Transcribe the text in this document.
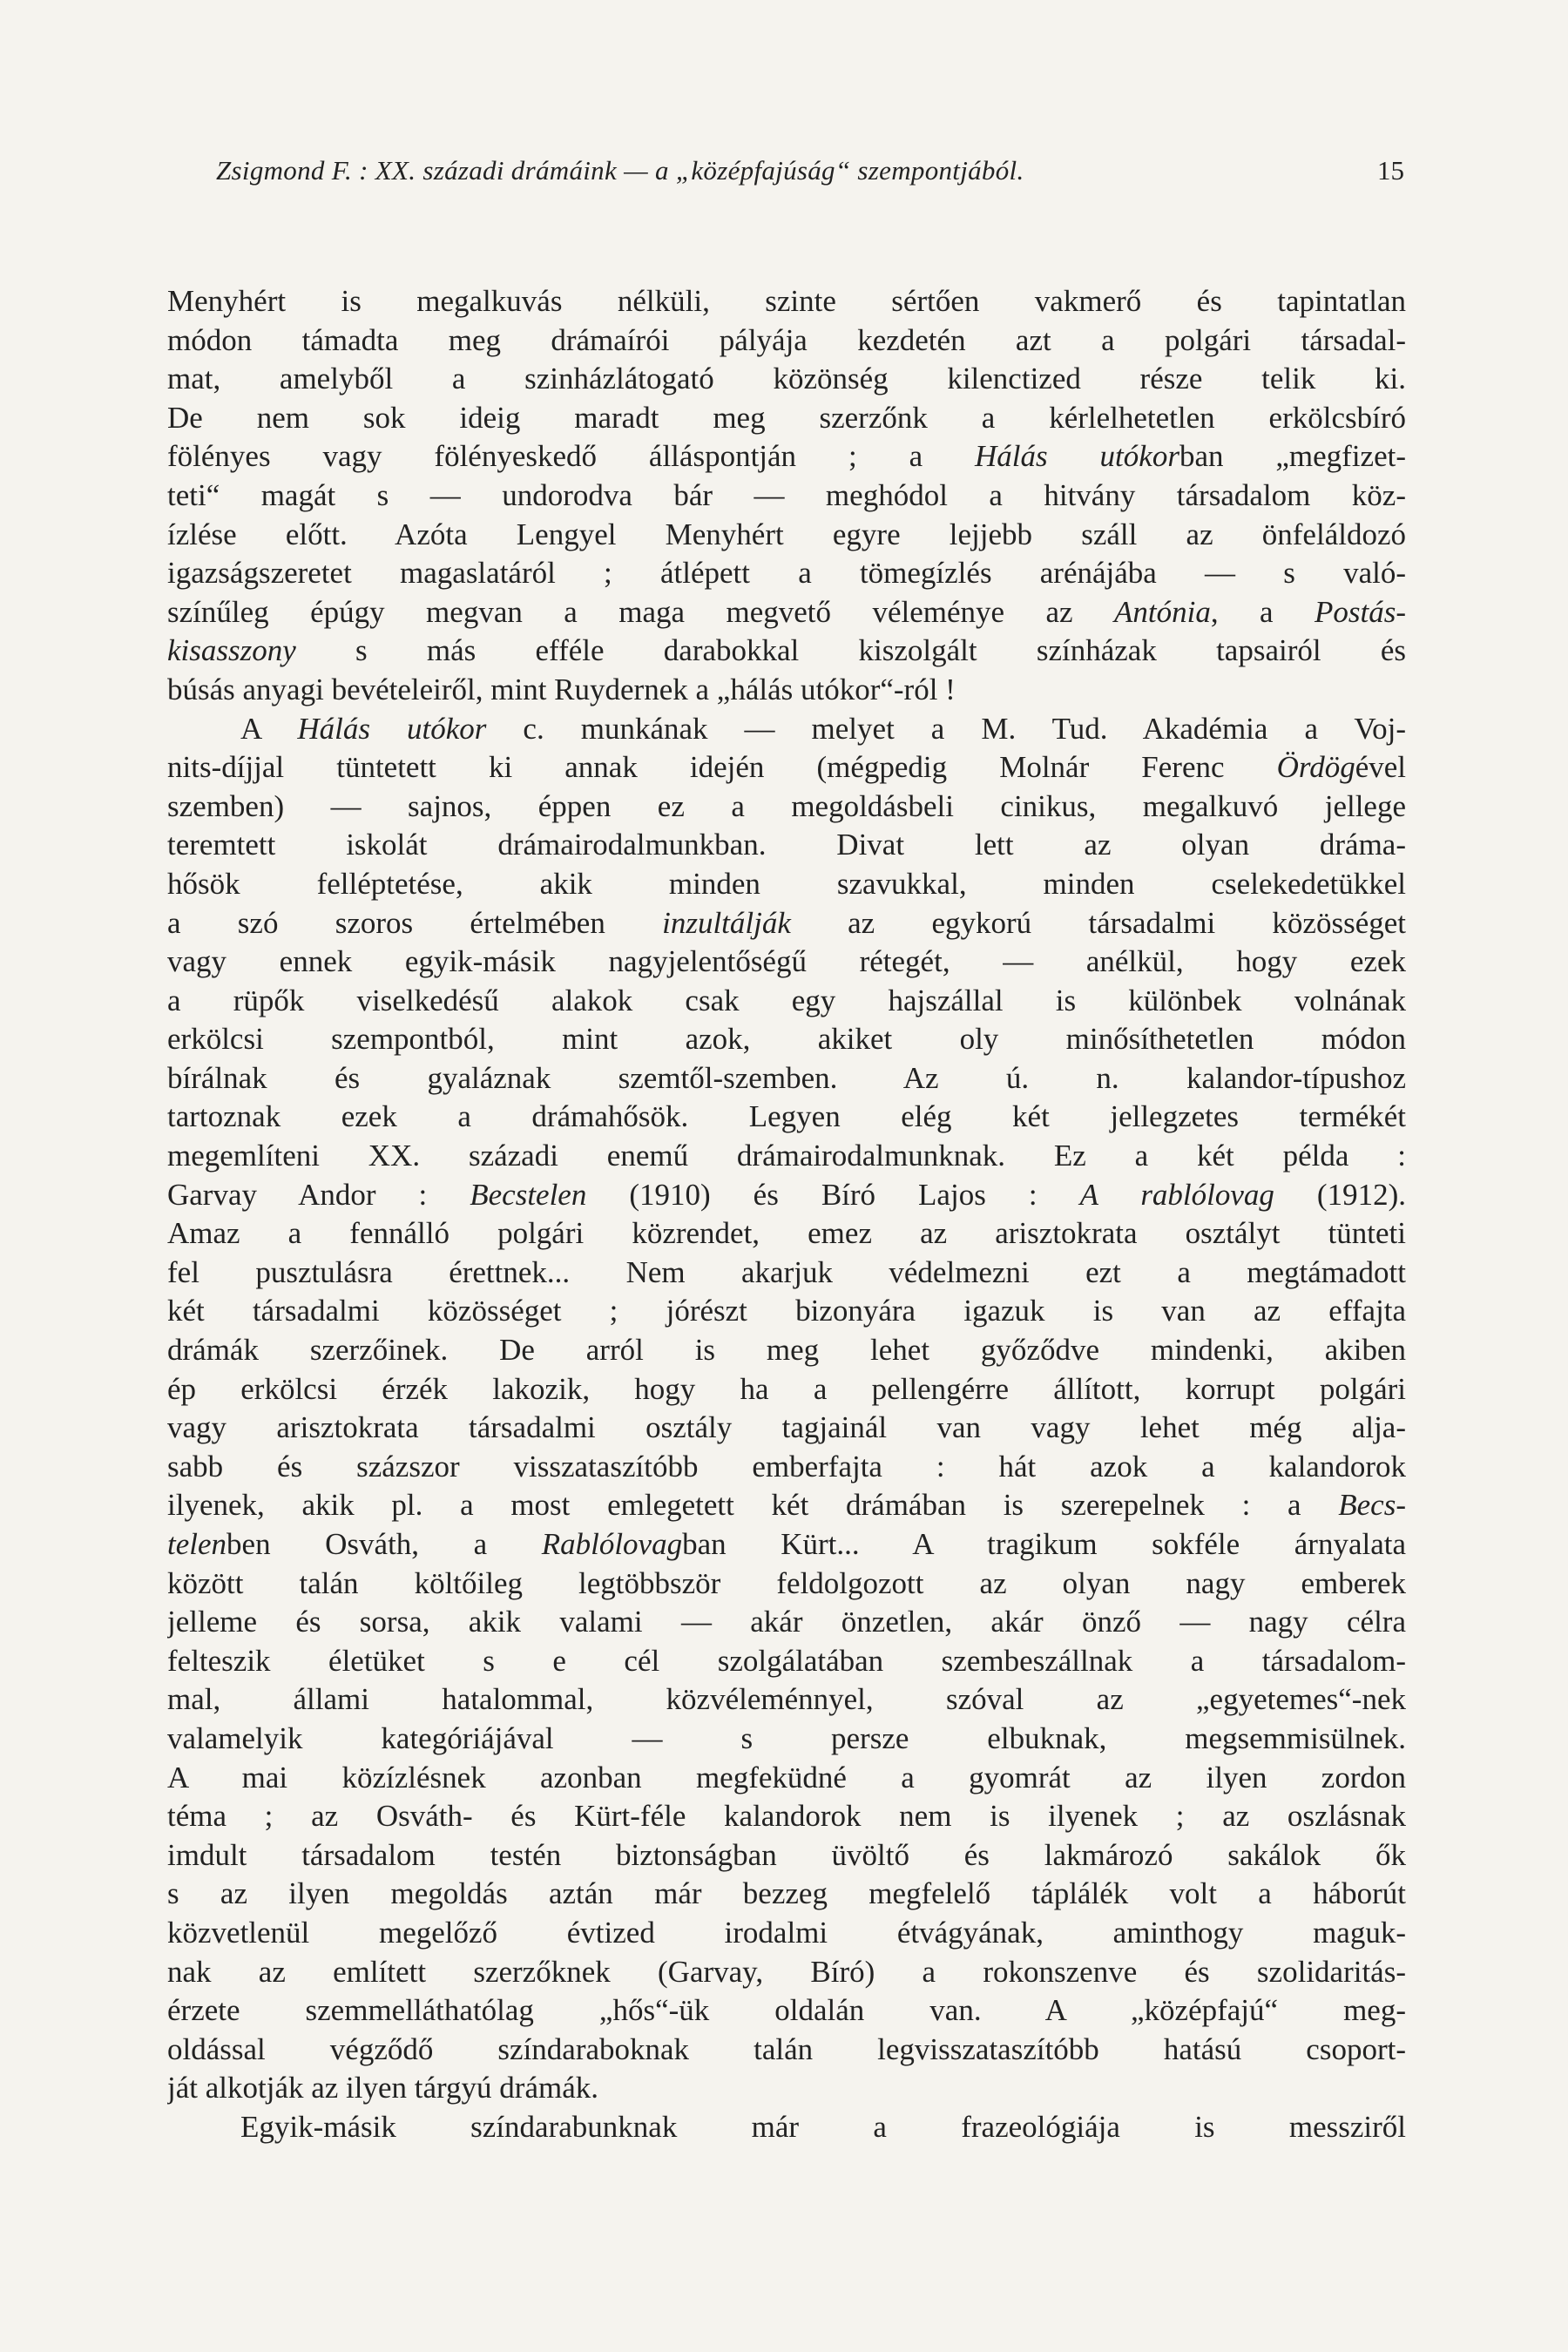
Zsigmond F. : XX. századi drámáink — a „középfajúság“ szempontjából.	15
Menyhért is megalkuvás nélküli, szinte sértően vakmerő és tapintatlan
módon támadta meg drámaírói pályája kezdetén azt a polgári társadal-
mat, amelyből a szinházlátogató közönség kilenctized része telik ki.
De nem sok ideig maradt meg szerzőnk a kérlelhetetlen erkölcsbíró
fölényes vagy fölényeskedő álláspontján ; a Hálás utókorban „megfizet-
teti“ magát s — undorodva bár — meghódol a hitvány társadalom köz-
ízlése előtt. Azóta Lengyel Menyhért egyre lejjebb száll az önfeláldozó
igazságszeretet magaslatáról ; átlépett a tömegízlés arénájába — s való-
színűleg épúgy megvan a maga megvető véleménye az Antónia, a Postás-
kisasszony s más efféle darabokkal kiszolgált színházak tapsairól és
búsás anyagi bevételeiről, mint Ruydernek a „hálás utókor“-ról !
A Hálás utókor c. munkának — melyet a M. Tud. Akadémia a Voj-
nits-díjjal tüntetett ki annak idején (mégpedig Molnár Ferenc Ördögével
szemben) — sajnos, éppen ez a megoldásbeli cinikus, megalkuvó jellege
teremtett iskolát drámairodalmunkban. Divat lett az olyan dráma-
hősök felléptetése, akik minden szavukkal, minden cselekedetükkel
a szó szoros értelmében inzultálják az egykorú társadalmi közösséget
vagy ennek egyik-másik nagyjelentőségű rétegét, — anélkül, hogy ezek
a rüpők viselkedésű alakok csak egy hajszállal is különbek volnának
erkölcsi szempontból, mint azok, akiket oly minősíthetetlen módon
bírálnak és gyaláznak szemtől-szemben. Az ú. n. kalandor-típushoz
tartoznak ezek a drámahősök. Legyen elég két jellegzetes termékét
megemlíteni XX. századi enemű drámairodalmunknak. Ez a két példa :
Garvay Andor : Becstelen (1910) és Bíró Lajos : A rablólovag (1912).
Amaz a fennálló polgári közrendet, emez az arisztokrata osztályt tünteti
fel pusztulásra érettnek... Nem akarjuk védelmezni ezt a megtámadott
két társadalmi közösséget ; jórészt bizonyára igazuk is van az effajta
drámák szerzőinek. De arról is meg lehet győződve mindenki, akiben
ép erkölcsi érzék lakozik, hogy ha a pellengérre állított, korrupt polgári
vagy arisztokrata társadalmi osztály tagjainál van vagy lehet még alja-
sabb és százszor visszataszítóbb emberfajta : hát azok a kalandorok
ilyenek, akik pl. a most emlegetett két drámában is szerepelnek : a Becs-
telenben Osváth, a Rablólovagban Kürt... A tragikum sokféle árnyalata
között talán költőileg legtöbbször feldolgozott az olyan nagy emberek
jelleme és sorsa, akik valami — akár önzetlen, akár önző — nagy célra
felteszik életüket s e cél szolgálatában szembeszállnak a társadalom-
mal, állami hatalommal, közvéleménnyel, szóval az „egyetemes“-nek
valamelyik kategóriájával — s persze elbuknak, megsemmisülnek.
A mai közízlésnek azonban megfeküdné a gyomrát az ilyen zordon
téma ; az Osváth- és Kürt-féle kalandorok nem is ilyenek ; az oszlásnak
imdult társadalom testén biztonságban üvöltő és lakmározó sakálok ők
s az ilyen megoldás aztán már bezzeg megfelelő táplálék volt a háborút
közvetlenül megelőző évtized irodalmi étvágyának, aminthogy maguk-
nak az említett szerzőknek (Garvay, Bíró) a rokonszenve és szolidaritás-
érzete szemmelláthatólag „hős“-ük oldalán van. A „középfajú“ meg-
oldással végződő színdaraboknak talán legvisszataszítóbb hatású csoport-
ját alkotják az ilyen tárgyú drámák.
Egyik-másik színdarabunknak már a frazeológiája is messziről
